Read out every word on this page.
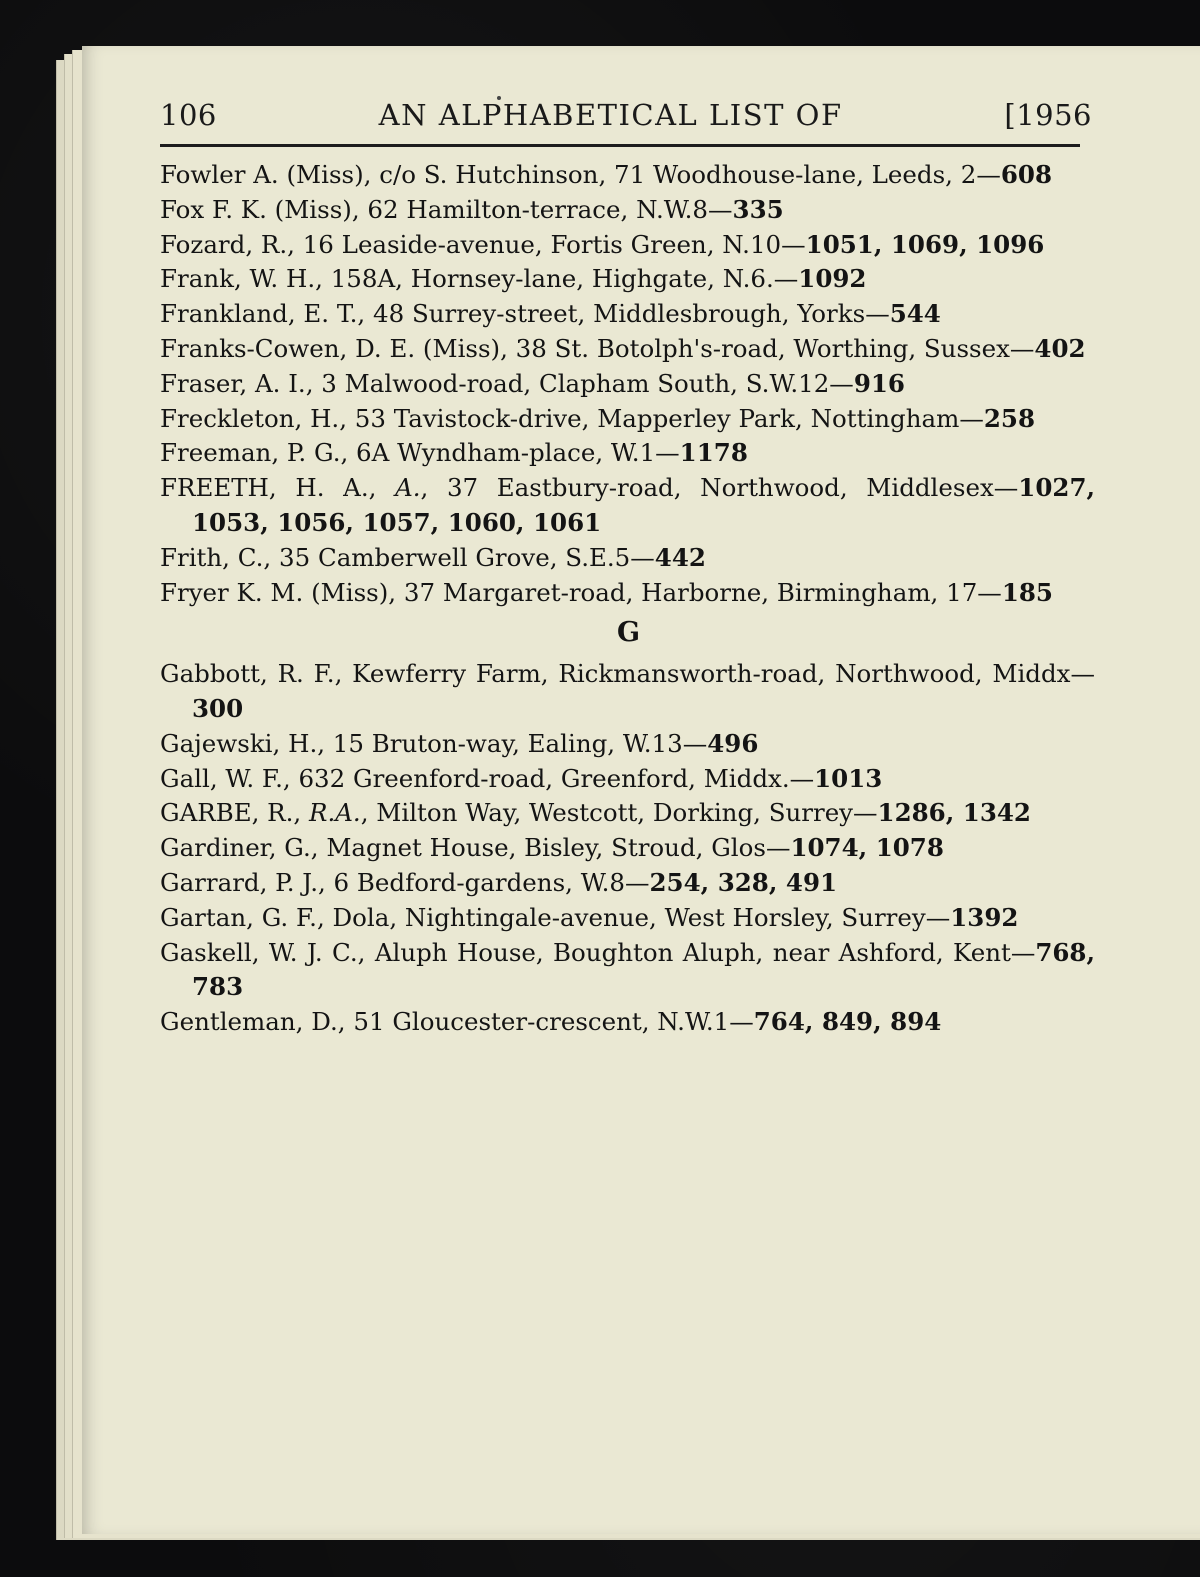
106	AN ALPHABETICAL LIST OF	[1956

Fowler A. (Miss), c/o S. Hutchinson, 71 Woodhouse-lane, Leeds, 2—608

Fox F. K. (Miss), 62 Hamilton-terrace, N.W.8—335

Fozard, R., 16 Leaside-avenue, Fortis Green, N.10—1051, 1069, 1096

Frank, W. H., 158A, Hornsey-lane, Highgate, N.6.—1092

Frankland, E. T., 48 Surrey-street, Middlesbrough, Yorks—544

Franks-Cowen, D. E. (Miss), 38 St. Botolph's-road, Worthing, Sussex—402

Fraser, A. I., 3 Malwood-road, Clapham South, S.W.12—916

Freckleton, H., 53 Tavistock-drive, Mapperley Park, Nottingham—258

Freeman, P. G., 6A Wyndham-place, W.1—1178

FREETH, H. A., A., 37 Eastbury-road, Northwood, Middlesex—1027, 1053, 1056, 1057, 1060, 1061

Frith, C., 35 Camberwell Grove, S.E.5—442

Fryer K. M. (Miss), 37 Margaret-road, Harborne, Birmingham, 17—185

G

Gabbott, R. F., Kewferry Farm, Rickmansworth-road, Northwood, Middx—300

Gajewski, H., 15 Bruton-way, Ealing, W.13—496

Gall, W. F., 632 Greenford-road, Greenford, Middx.—1013

GARBE, R., R.A., Milton Way, Westcott, Dorking, Surrey—1286, 1342

Gardiner, G., Magnet House, Bisley, Stroud, Glos—1074, 1078

Garrard, P. J., 6 Bedford-gardens, W.8—254, 328, 491

Gartan, G. F., Dola, Nightingale-avenue, West Horsley, Surrey—1392

Gaskell, W. J. C., Aluph House, Boughton Aluph, near Ashford, Kent—768, 783

Gentleman, D., 51 Gloucester-crescent, N.W.1—764, 849, 894
